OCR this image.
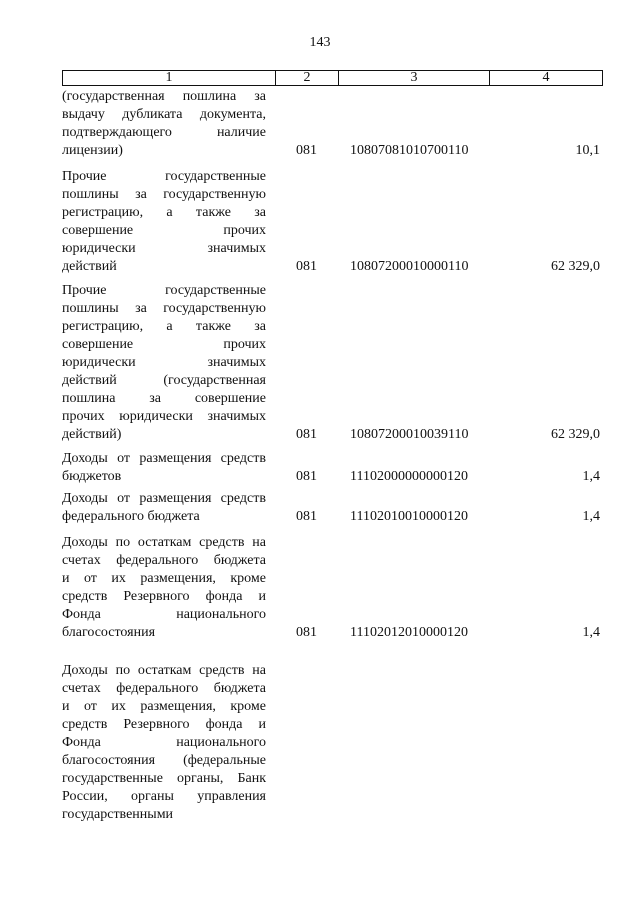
143
1	2	3	4
(государственная пошлина за
выдачу дубликата документа,
подтверждающего наличие
лицензии)	081	10807081010700110	10,1
Прочие государственные
пошлины за государственную
регистрацию, а также за
совершение прочих
юридически значимых
действий	081	10807200010000110	62 329,0
Прочие государственные
пошлины за государственную
регистрацию, а также за
совершение прочих
юридически значимых
действий (государственная
пошлина за совершение
прочих юридически значимых
действий)	081	10807200010039110	62 329,0
Доходы от размещения средств
бюджетов	081	11102000000000120	1,4
Доходы от размещения средств
федерального бюджета	081	11102010010000120	1,4
Доходы по остаткам средств на
счетах федерального бюджета
и от их размещения, кроме
средств Резервного фонда и
Фонда национального
благосостояния	081	11102012010000120	1,4
Доходы по остаткам средств на
счетах федерального бюджета
и от их размещения, кроме
средств Резервного фонда и
Фонда национального
благосостояния (федеральные
государственные органы, Банк
России, органы управления
государственными
